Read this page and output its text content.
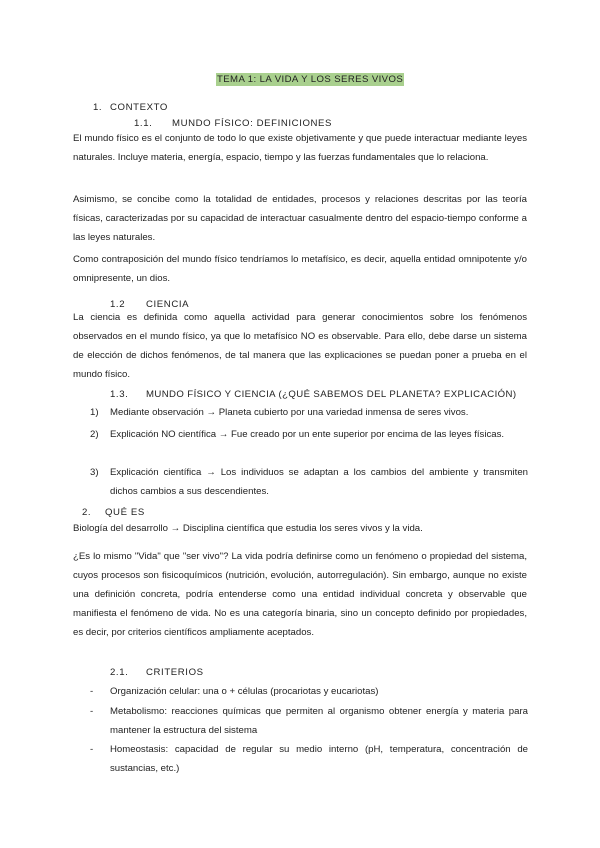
TEMA 1: LA VIDA Y LOS SERES VIVOS
1. CONTEXTO
1.1. MUNDO FÍSICO: DEFINICIONES
El mundo físico es el conjunto de todo lo que existe objetivamente y que puede interactuar mediante leyes naturales. Incluye materia, energía, espacio, tiempo y las fuerzas fundamentales que lo relaciona.
Asimismo, se concibe como la totalidad de entidades, procesos y relaciones descritas por las teoría físicas, caracterizadas por su capacidad de interactuar casualmente dentro del espacio-tiempo conforme a las leyes naturales.
Como contraposición del mundo físico tendríamos lo metafísico, es decir, aquella entidad omnipotente y/o omnipresente, un dios.
1.2 CIENCIA
La ciencia es definida como aquella actividad para generar conocimientos sobre los fenómenos observados en el mundo físico, ya que lo metafísico NO es observable. Para ello, debe darse un sistema de elección de dichos fenómenos, de tal manera que las explicaciones se puedan poner a prueba en el mundo físico.
1.3. MUNDO FÍSICO Y CIENCIA (¿QUÉ SABEMOS DEL PLANETA? EXPLICACIÓN)
1) Mediante observación → Planeta cubierto por una variedad inmensa de seres vivos.
2) Explicación NO científica → Fue creado por un ente superior por encima de las leyes físicas.
3) Explicación científica → Los individuos se adaptan a los cambios del ambiente y transmiten dichos cambios a sus descendientes.
2. QUÉ ES
Biología del desarrollo → Disciplina científica que estudia los seres vivos y la vida.
¿Es lo mismo "Vida" que "ser vivo"? La vida podría definirse como un fenómeno o propiedad del sistema, cuyos procesos son fisicoquímicos (nutrición, evolución, autorregulación). Sin embargo, aunque no existe una definición concreta, podría entenderse como una entidad individual concreta y observable que manifiesta el fenómeno de vida. No es una categoría binaria, sino un concepto definido por propiedades, es decir, por criterios científicos ampliamente aceptados.
2.1. CRITERIOS
- Organización celular: una o + células (procariotas y eucariotas)
- Metabolismo: reacciones químicas que permiten al organismo obtener energía y materia para mantener la estructura del sistema
- Homeostasis: capacidad de regular su medio interno (pH, temperatura, concentración de sustancias, etc.)
